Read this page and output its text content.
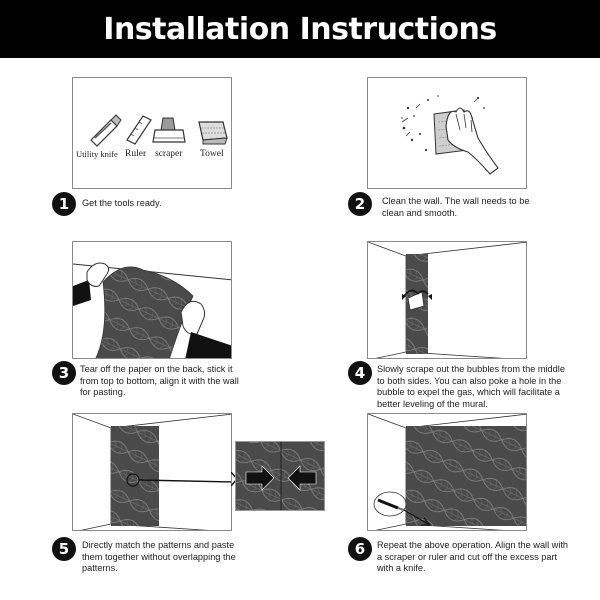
Installation Instructions
Utility knife Ruler scraper Towel
1	Get the tools ready.	2	Clean the wall. The wall needs to be clean and smooth.
3	Tear off the paper on the back, stick it from top to bottom, align it with the wall for pasting.
4	Slowly scrape out the bubbles from the middle to both sides. You can also poke a hole in the bubble to expel the gas, which will facilitate a better leveling of the mural.
5	Directly match the patterns and paste them together without overlapping the patterns.
6	Repeat the above operation. Align the wall with a scraper or ruler and cut off the excess part with a knife.
